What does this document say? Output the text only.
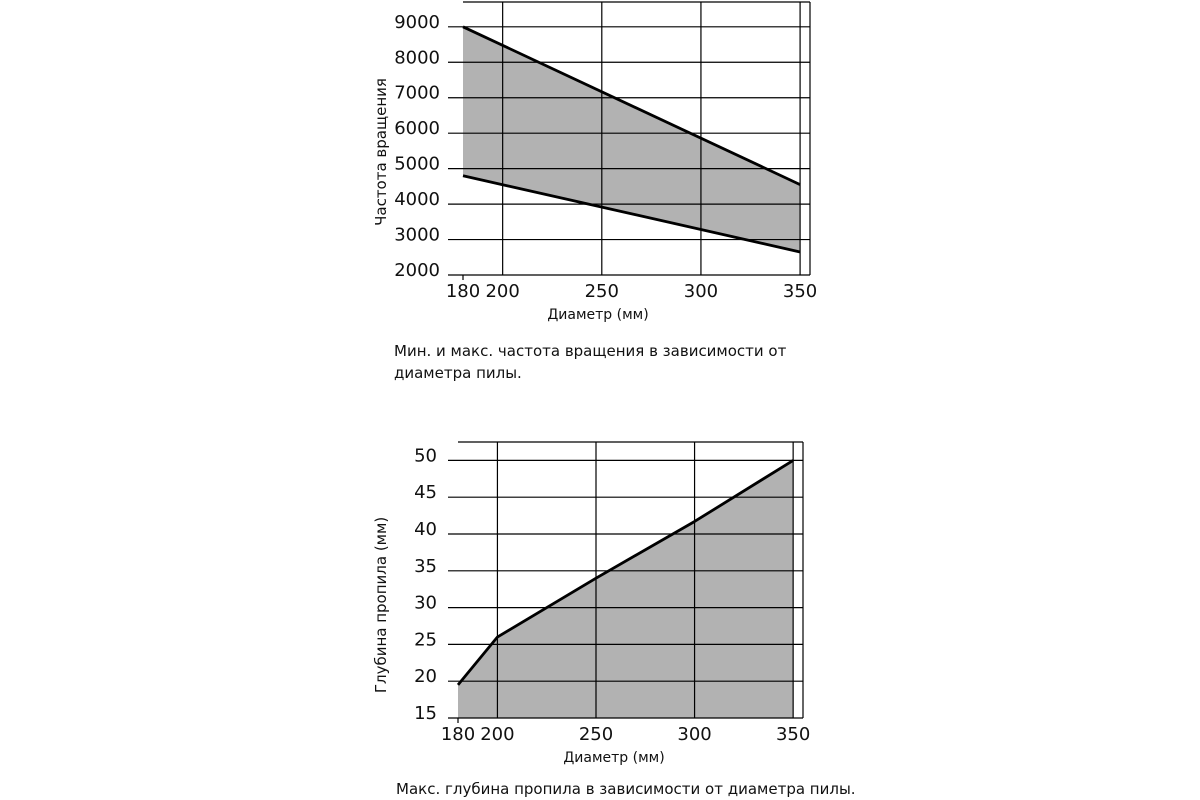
2000
3000
4000
5000
6000
7000
8000
9000
180 200	250	300	350
Диаметр (мм)
Частота вращения

Мин. и макс. частота вращения в зависимости от диаметра пилы.

15
20
25
30
35
40
45
50
180 200	250	300	350
Диаметр (мм)
Глубина пропила (мм)

Макс. глубина пропила в зависимости от диаметра пилы.
